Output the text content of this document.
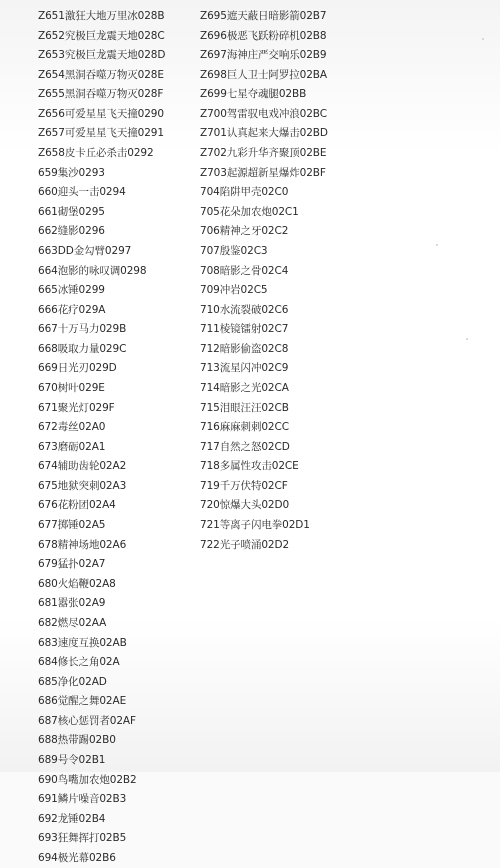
Z651激狂大地万里冰028B
Z652究极巨龙震天地028C
Z653究极巨龙震天地028D
Z654黑洞吞噬万物灭028E
Z655黑洞吞噬万物灭028F
Z656可爱星星飞天撞0290
Z657可爱星星飞天撞0291
Z658皮卡丘必杀击0292
659集沙0293
660迎头一击0294
661砌堡0295
662缝影0296
663DD金勾臂0297
664泡影的咏叹调0298
665冰锤0299
666花疗029A
667十万马力029B
668吸取力量029C
669日光刃029D
670树叶029E
671聚光灯029F
672毒丝02A0
673磨砺02A1
674辅助齿轮02A2
675地狱突刺02A3
676花粉团02A4
677掷锤02A5
678精神场地02A6
679猛扑02A7
680火焰鞭02A8
681嚣张02A9
682燃尽02AA
683速度互换02AB
684修长之角02A
685净化02AD
686觉醒之舞02AE
687核心惩罚者02AF
688热带踢02B0
689号令02B1
690鸟嘴加农炮02B2
691鳞片噪音02B3
692龙锤02B4
693狂舞挥打02B5
694极光幕02B6
Z695遮天蔽日暗影箭02B7
Z696极恶飞跃粉碎机02B8
Z697海神庄严交响乐02B9
Z698巨人卫士阿罗拉02BA
Z699七星夺魂腿02BB
Z700驾雷驭电戏冲浪02BC
Z701认真起来大爆击02BD
Z702九彩升华齐聚顶02BE
Z703起源超新星爆炸02BF
704陷阱甲壳02C0
705花朵加农炮02C1
706精神之牙02C2
707殷鉴02C3
708暗影之骨02C4
709冲岩02C5
710水流裂破02C6
711棱镜镭射02C7
712暗影偷盗02C8
713流星闪冲02C9
714暗影之光02CA
715泪眼汪汪02CB
716麻麻刺刺02CC
717自然之怒02CD
718多属性攻击02CE
719千万伏特02CF
720惊爆大头02D0
721等离子闪电拳02D1
722光子喷涌02D2
